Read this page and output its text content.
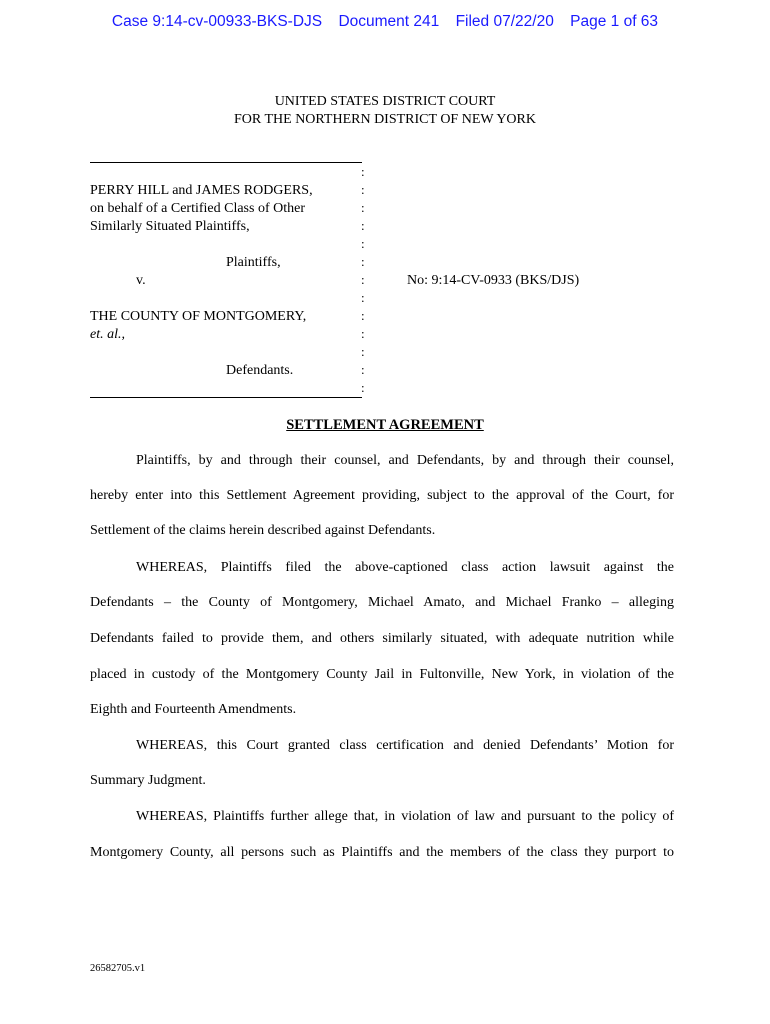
Case 9:14-cv-00933-BKS-DJS Document 241 Filed 07/22/20 Page 1 of 63
UNITED STATES DISTRICT COURT
FOR THE NORTHERN DISTRICT OF NEW YORK
PERRY HILL and JAMES RODGERS,
on behalf of a Certified Class of Other
Similarly Situated Plaintiffs,
Plaintiffs,
v.
THE COUNTY OF MONTGOMERY,
et. al.,
Defendants.
:
:
:
:
:
:
:
:
:
:
:
:
:
No: 9:14-CV-0933 (BKS/DJS)
SETTLEMENT AGREEMENT
Plaintiffs, by and through their counsel, and Defendants, by and through their counsel,
hereby enter into this Settlement Agreement providing, subject to the approval of the Court, for
Settlement of the claims herein described against Defendants.
WHEREAS, Plaintiffs filed the above-captioned class action lawsuit against the
Defendants – the County of Montgomery, Michael Amato, and Michael Franko – alleging
Defendants failed to provide them, and others similarly situated, with adequate nutrition while
placed in custody of the Montgomery County Jail in Fultonville, New York, in violation of the
Eighth and Fourteenth Amendments.
WHEREAS, this Court granted class certification and denied Defendants’ Motion for
Summary Judgment.
WHEREAS, Plaintiffs further allege that, in violation of law and pursuant to the policy of
Montgomery County, all persons such as Plaintiffs and the members of the class they purport to
26582705.v1
